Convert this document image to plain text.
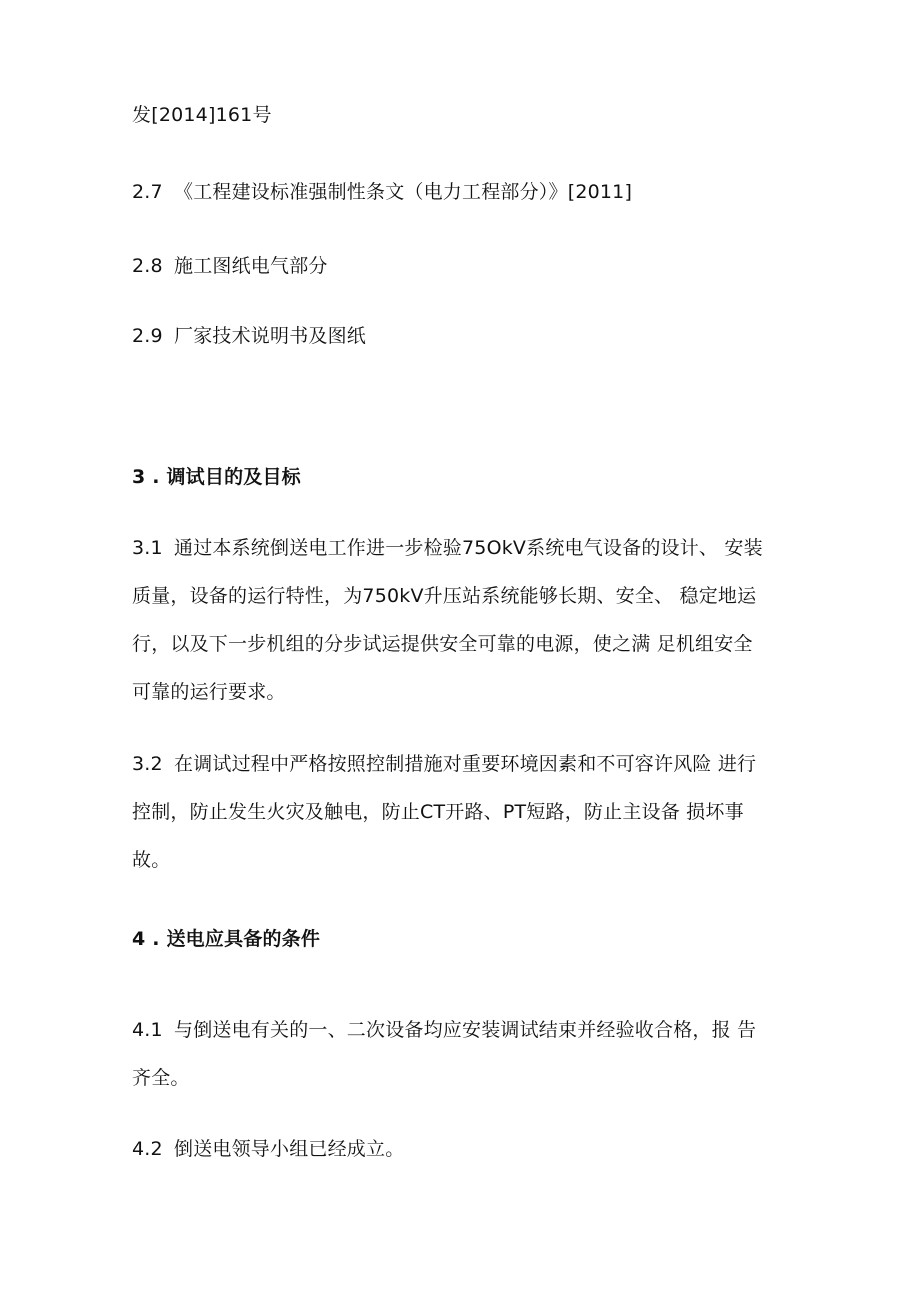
发[2014]161号
2.7 《工程建设标准强制性条文（电力工程部分）》[2011]
2.8 施工图纸电气部分
2.9 厂家技术说明书及图纸
3 . 调试目的及目标
3.1 通过本系统倒送电工作进一步检验75OkV系统电气设备的设计、 安装
质量，设备的运行特性，为750kV升压站系统能够长期、安全、 稳定地运
行，以及下一步机组的分步试运提供安全可靠的电源，使之满 足机组安全
可靠的运行要求。
3.2 在调试过程中严格按照控制措施对重要环境因素和不可容许风险 进行
控制，防止发生火灾及触电，防止CT开路、PT短路，防止主设备 损坏事
故。
4 . 送电应具备的条件
4.1 与倒送电有关的一、二次设备均应安装调试结束并经验收合格，报 告
齐全。
4.2 倒送电领导小组已经成立。
